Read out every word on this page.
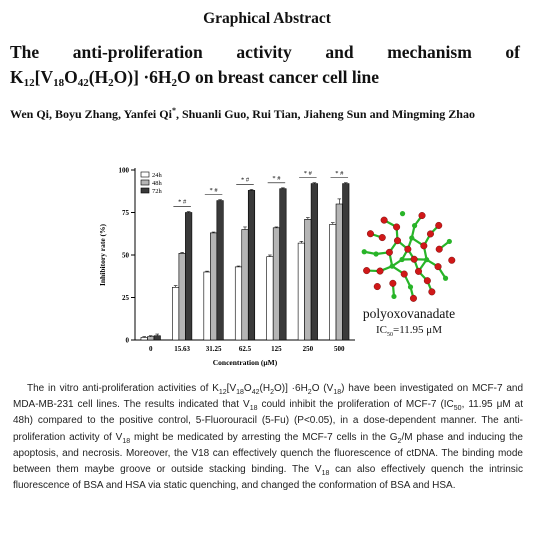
Graphical Abstract
The anti-proliferation activity and mechanism of
$K_{12}[V_{18}O_{42}(H_2O)] \cdot 6H_2O$ on breast cancer cell line
Wen Qi, Boyu Zhang, Yanfei Qi*, Shuanli Guo, Rui Tian, Jiaheng Sun and Mingming Zhao
0
25
50
75
100
Inhibitory rate (%)
0
* #
15.63
* #
31.25
* #
62.5
* #
125
* #
250
* #
500
Concentration (μM)
24h
48h
72h
polyoxovanadate
$IC_{50}=11.95$ μM

The in vitro anti-proliferation activities of $K_{12}[V_{18}O_{42}(H_2O)] \cdot 6H_2O$ $(V_{18})$ have been investigated on MCF-7 and MDA-MB-231 cell lines. The results indicated that $V_{18}$ could inhibit the proliferation of MCF-7 ($IC_{50}$, 11.95 μM at 48h) compared to the positive control, 5-Fluorouracil (5-Fu) (P<0.05), in a dose-dependent manner. The anti-proliferation activity of $V_{18}$ might be medicated by arresting the MCF-7 cells in the $G_2/M$ phase and inducing the apoptosis, and necrosis. Moreover, the V18 can effectively quench the fluorescence of ctDNA. The binding mode between them maybe groove or outside stacking binding. The $V_{18}$ can also effectively quench the intrinsic fluorescence of BSA and HSA via static quenching, and changed the conformation of BSA and HSA.
